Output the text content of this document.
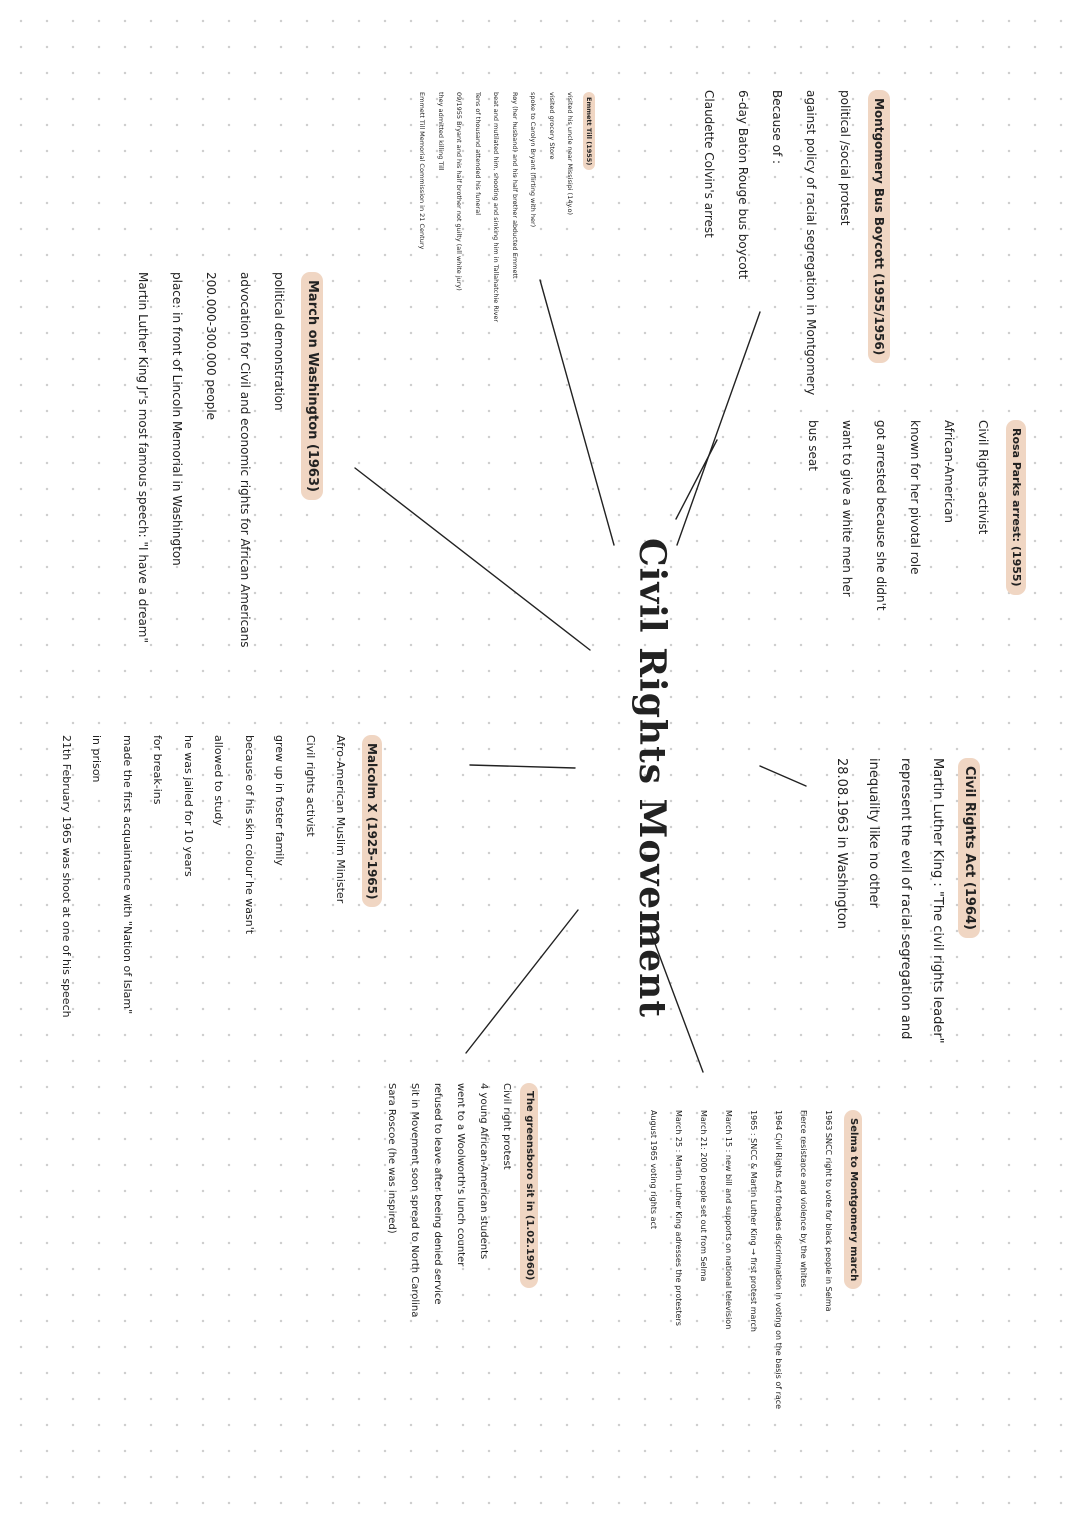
Civil Rights Movement
Rosa Parks arrest: (1955)
Civil Rights activist
African-American
known for her pivotal role
got arrested because she didn't
want to give a white men her
bus seat
Montgomery Bus Boycott (1955/1956)
political /social protest
against policy of racial segregation in Montgomery
Because of :
6-day Baton Rouge bus boycott
Claudette Colvin's arrest
Emmett Till (1955)
visited his uncle near Missisipi (14y.o)
visited grocery Store
spoke to Carolyn Bryant (flirting with her)
Roy (her husband) and his half brother abducted Emmett
beat and mutilated him, shooting and sinking him in Tallahatchie River
Tens of thousand attended his funeral
09/1955 Bryant and his half brother not guilty (all white jury)
they admitted killing Till
Emmett Till Memorial Commission in 21 Century
March on Washington (1963)
political demonstration
advocation for Civil and economic rights for African Americans
200.000-300.000 people
place: in front of Lincoln Memorial in Washington
Martin Luther King Jr's most famous speech: "I have a dream"
Civil Rights Act (1964)
Martin Luther King : "The civil rights leader"
represent the evil of racial segregation and
inequality like no other
28.08.1963 in Washington
Malcolm X (1925-1965)
Afro-American Muslim Minister
Civil rights activist
grew up in foster family
because of his skin colour he wasn't
allowed to study
he was jailed for 10 years
for break-ins
made the first acquaintance with "Nation of Islam"
in prison
21th February 1965 was shoot at one of his speech
Selma to Montgomery march
1963 SNCC right to vote for black people in Selma
Fierce resistance and violence by the whites
1964 Civil Rights Act forbades discrimination in voting on the basis of race
1965 : SNCC & Martin Luther King → first protest march
March 15 : new bill and supports on national television
March 21: 2000 people set out from Selma
March 25 : Martin Luther King adresses the protesters
August 1965 voting rights act
The greensboro sit in (1.02.1960)
Civil right protest
4 young African-American students
went to a Woolworth's lunch counter
refused to leave after beeing denied service
Sit in Movement soon spread to North Carolina
Sara Roscoe (he was inspired)
